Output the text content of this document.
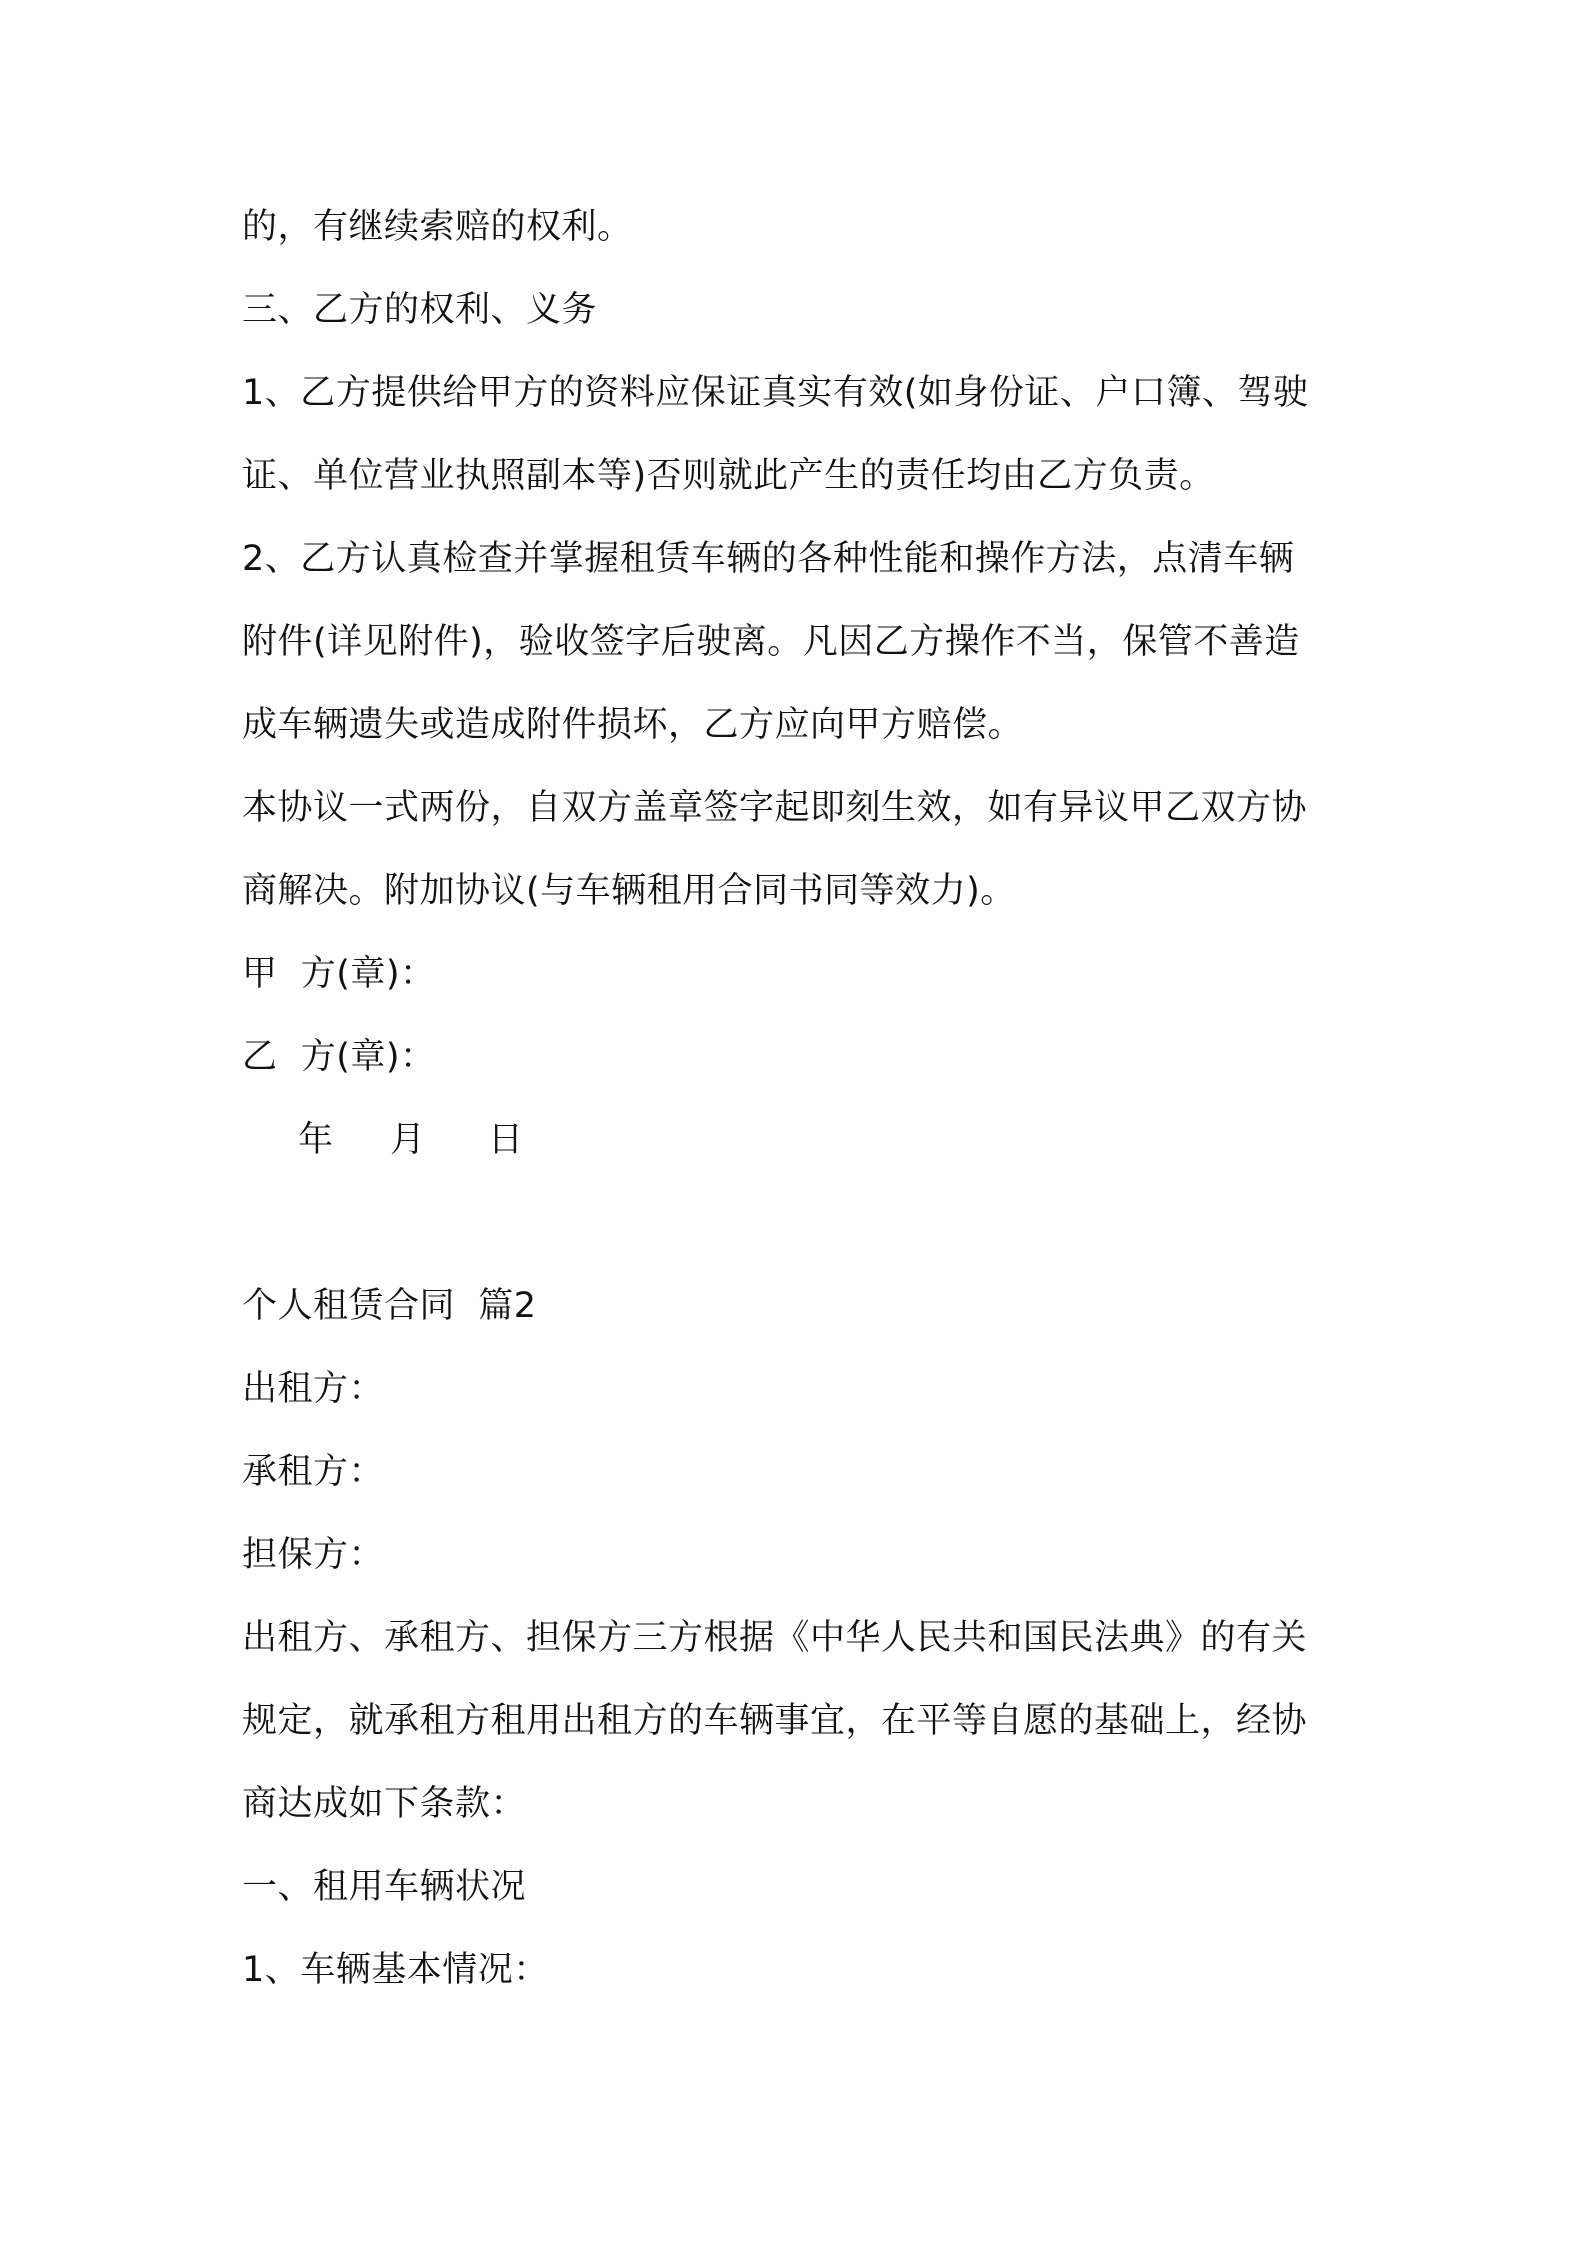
的，有继续索赔的权利。
三、乙方的权利、义务
1、乙方提供给甲方的资料应保证真实有效(如身份证、户口簿、驾驶
证、单位营业执照副本等)否则就此产生的责任均由乙方负责。
2、乙方认真检查并掌握租赁车辆的各种性能和操作方法，点清车辆
附件(详见附件)，验收签字后驶离。凡因乙方操作不当，保管不善造
成车辆遗失或造成附件损坏，乙方应向甲方赔偿。
本协议一式两份，自双方盖章签字起即刻生效，如有异议甲乙双方协
商解决。附加协议(与车辆租用合同书同等效力)。
甲  方(章)：
乙  方(章)：
年 月 日
个人租赁合同  篇2
出租方：
承租方：
担保方：
出租方、承租方、担保方三方根据《中华人民共和国民法典》的有关
规定，就承租方租用出租方的车辆事宜，在平等自愿的基础上，经协
商达成如下条款：
一、租用车辆状况
1、车辆基本情况：
